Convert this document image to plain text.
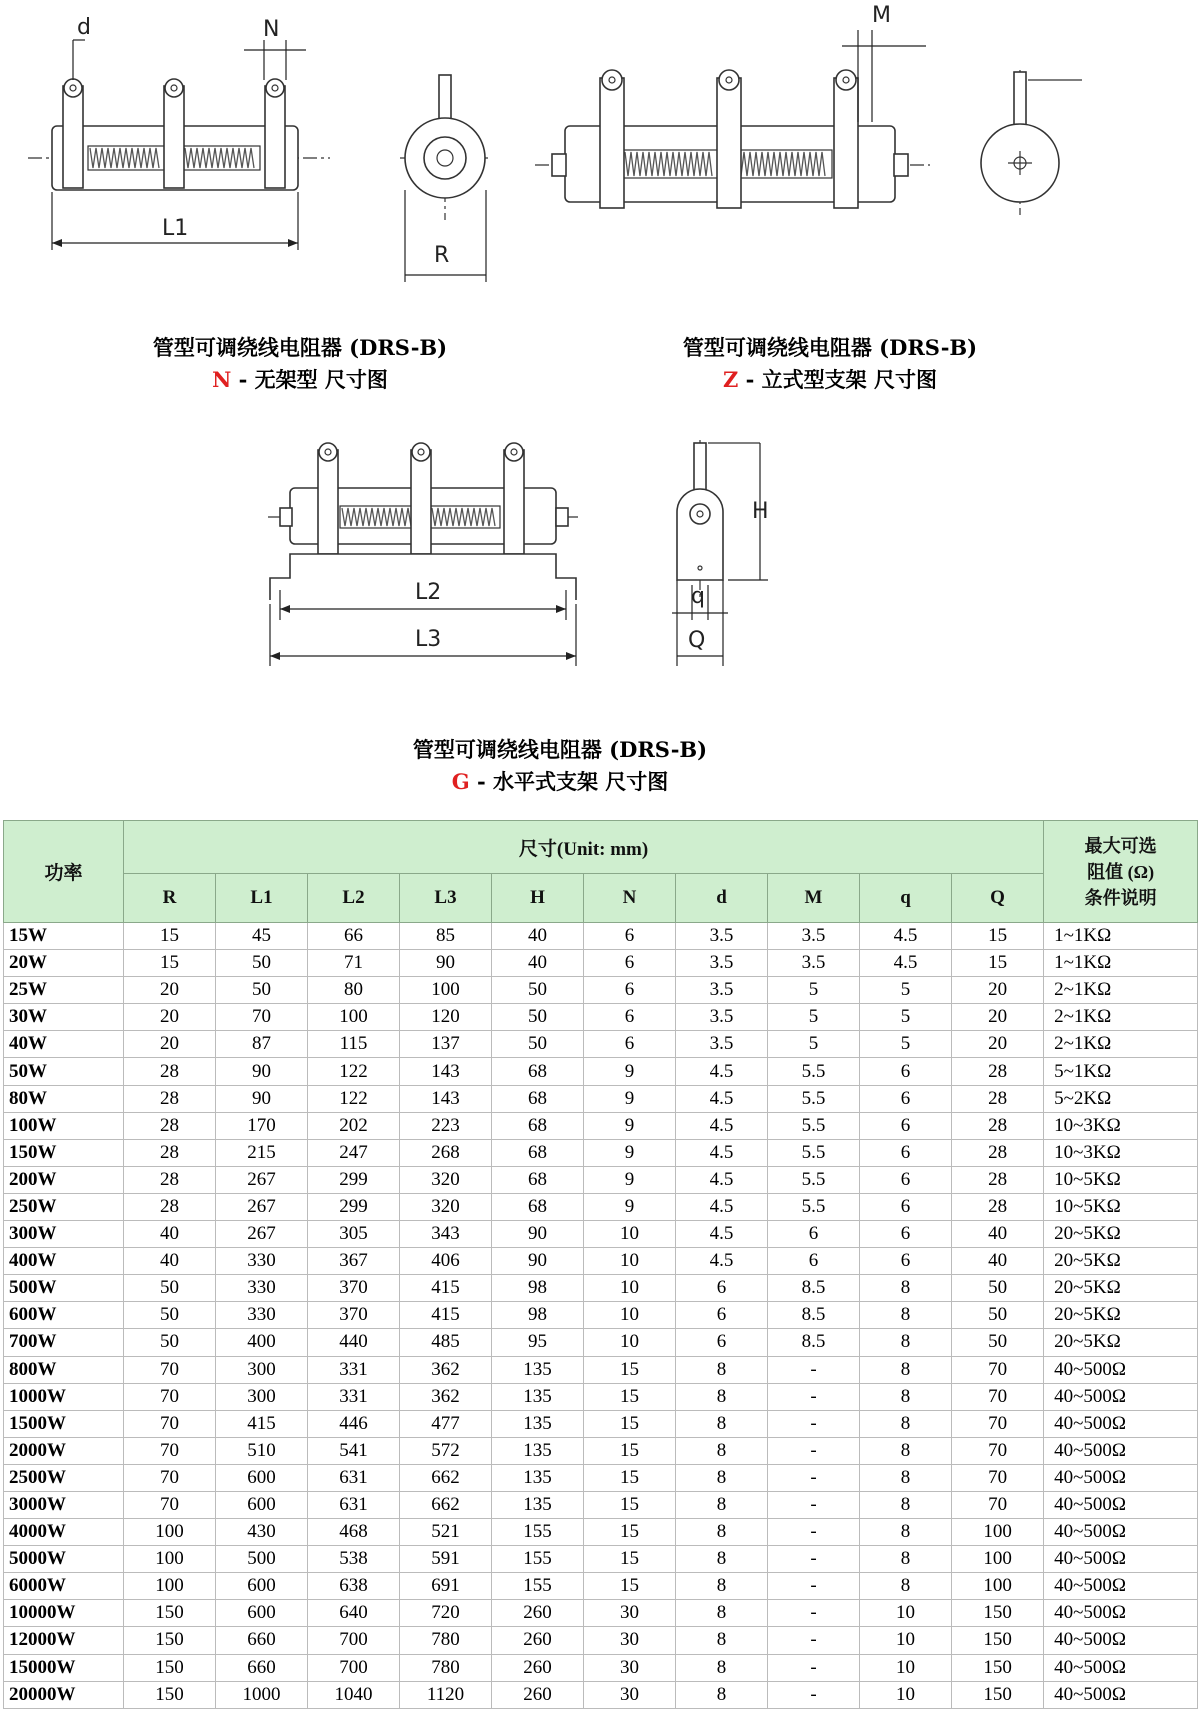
d	N
L1
R
M
L2
L3
H
q
Q
管型可调绕线电阻器 (DRS-B)
N - 无架型 尺寸图
管型可调绕线电阻器 (DRS-B)
Z - 立式型支架 尺寸图
管型可调绕线电阻器 (DRS-B)
G - 水平式支架 尺寸图
功率	尺寸(Unit: mm)										最大可选
阻值 (Ω)
条件说明

	R	L1	L2	L3	H	N	d	M	q	Q	
15W	15	45	66	85	40	6	3.5	3.5	4.5	15	1~1KΩ
20W	15	50	71	90	40	6	3.5	3.5	4.5	15	1~1KΩ
25W	20	50	80	100	50	6	3.5	5	5	20	2~1KΩ
30W	20	70	100	120	50	6	3.5	5	5	20	2~1KΩ
40W	20	87	115	137	50	6	3.5	5	5	20	2~1KΩ
50W	28	90	122	143	68	9	4.5	5.5	6	28	5~1KΩ
80W	28	90	122	143	68	9	4.5	5.5	6	28	5~2KΩ
100W	28	170	202	223	68	9	4.5	5.5	6	28	10~3KΩ
150W	28	215	247	268	68	9	4.5	5.5	6	28	10~3KΩ
200W	28	267	299	320	68	9	4.5	5.5	6	28	10~5KΩ
250W	28	267	299	320	68	9	4.5	5.5	6	28	10~5KΩ
300W	40	267	305	343	90	10	4.5	6	6	40	20~5KΩ
400W	40	330	367	406	90	10	4.5	6	6	40	20~5KΩ
500W	50	330	370	415	98	10	6	8.5	8	50	20~5KΩ
600W	50	330	370	415	98	10	6	8.5	8	50	20~5KΩ
700W	50	400	440	485	95	10	6	8.5	8	50	20~5KΩ
800W	70	300	331	362	135	15	8	-	8	70	40~500Ω
1000W	70	300	331	362	135	15	8	-	8	70	40~500Ω
1500W	70	415	446	477	135	15	8	-	8	70	40~500Ω
2000W	70	510	541	572	135	15	8	-	8	70	40~500Ω
2500W	70	600	631	662	135	15	8	-	8	70	40~500Ω
3000W	70	600	631	662	135	15	8	-	8	70	40~500Ω
4000W	100	430	468	521	155	15	8	-	8	100	40~500Ω
5000W	100	500	538	591	155	15	8	-	8	100	40~500Ω
6000W	100	600	638	691	155	15	8	-	8	100	40~500Ω
10000W	150	600	640	720	260	30	8	-	10	150	40~500Ω
12000W	150	660	700	780	260	30	8	-	10	150	40~500Ω
15000W	150	660	700	780	260	30	8	-	10	150	40~500Ω
20000W	150	1000	1040	1120	260	30	8	-	10	150	40~500Ω
